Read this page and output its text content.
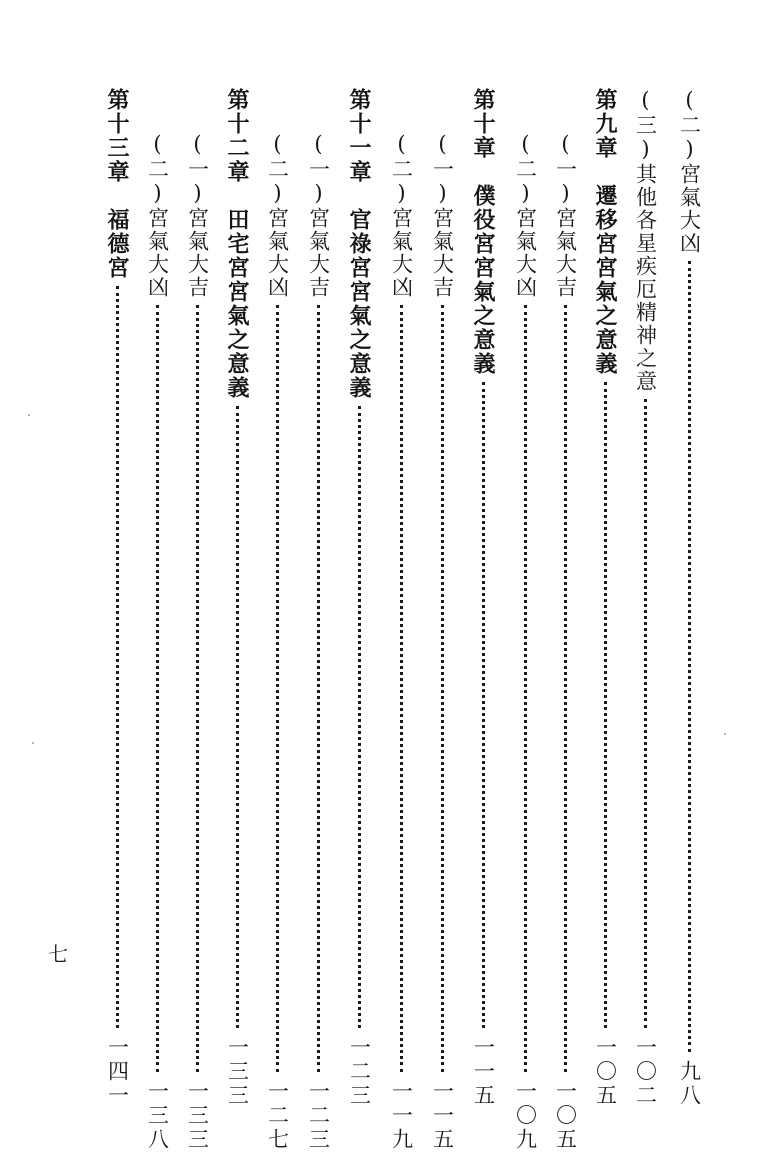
(二)宮氣大凶
九八
(三)其他各星疾厄精神之意
一〇二
第九章　遷移宮宮氣之意義
一〇五
(一)宮氣大吉
一〇五
(二)宮氣大凶
一〇九
第十章　僕役宮宮氣之意義
一一五
(一)宮氣大吉
一一五
(二)宮氣大凶
一一九
第十一章　官祿宮宮氣之意義
一二三
(一)宮氣大吉
一二三
(二)宮氣大凶
一二七
第十二章　田宅宮宮氣之意義
一三三
(一)宮氣大吉
一三三
(二)宮氣大凶
一三八
第十三章　福德宮
一四一
七
